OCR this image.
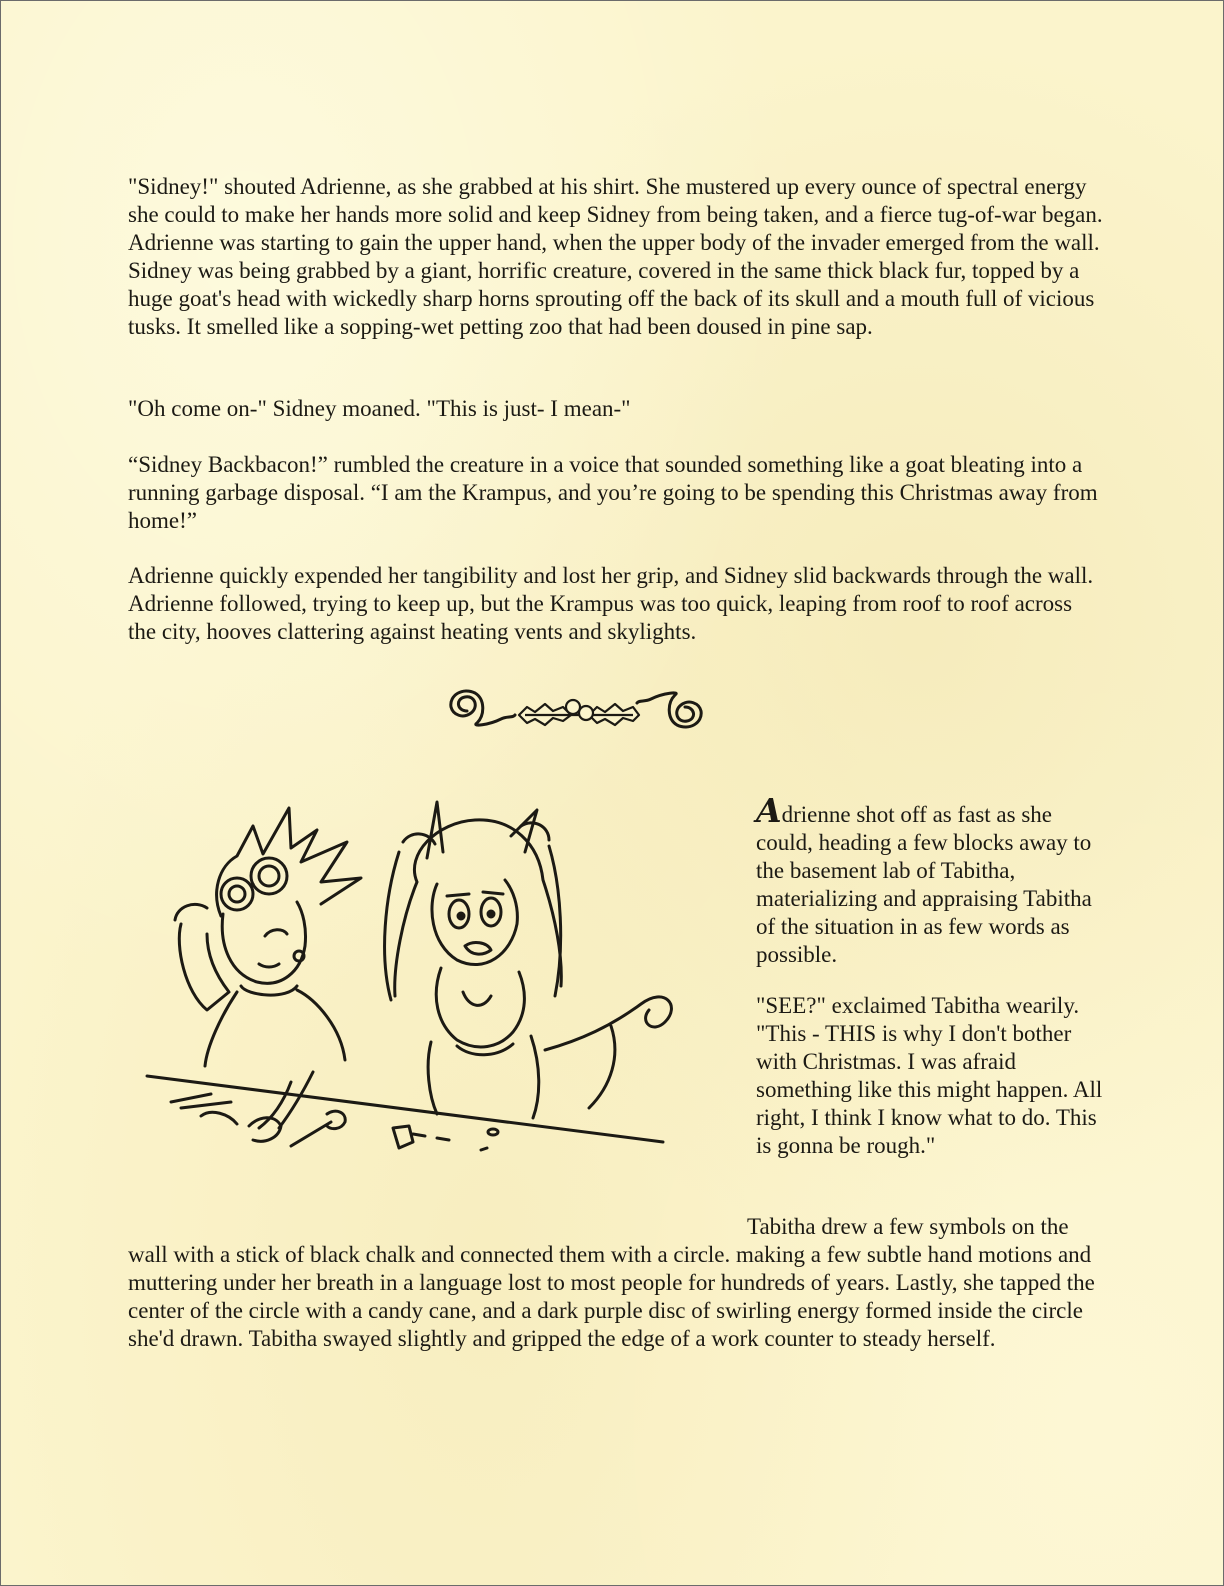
"Sidney!" shouted Adrienne, as she grabbed at his shirt. She mustered up every ounce of spectral energy she could to make her hands more solid and keep Sidney from being taken, and a fierce tug-of-war began. Adrienne was starting to gain the upper hand, when the upper body of the invader emerged from the wall. Sidney was being grabbed by a giant, horrific creature, covered in the same thick black fur, topped by a huge goat's head with wickedly sharp horns sprouting off the back of its skull and a mouth full of vicious tusks. It smelled like a sopping-wet petting zoo that had been doused in pine sap.

"Oh come on-" Sidney moaned. "This is just- I mean-"

“Sidney Backbacon!” rumbled the creature in a voice that sounded something like a goat bleating into a running garbage disposal. “I am the Krampus, and you’re going to be spending this Christmas away from home!”

Adrienne quickly expended her tangibility and lost her grip, and Sidney slid backwards through the wall. Adrienne followed, trying to keep up, but the Krampus was too quick, leaping from roof to roof across the city, hooves clattering against heating vents and skylights.

Adrienne shot off as fast as she could, heading a few blocks away to the basement lab of Tabitha, materializing and appraising Tabitha of the situation in as few words as possible.

"SEE?" exclaimed Tabitha wearily. "This - THIS is why I don't bother with Christmas. I was afraid something like this might happen. All right, I think I know what to do. This is gonna be rough."

Tabitha drew a few symbols on the

wall with a stick of black chalk and connected them with a circle. making a few subtle hand motions and muttering under her breath in a language lost to most people for hundreds of years. Lastly, she tapped the center of the circle with a candy cane, and a dark purple disc of swirling energy formed inside the circle she'd drawn. Tabitha swayed slightly and gripped the edge of a work counter to steady herself.
